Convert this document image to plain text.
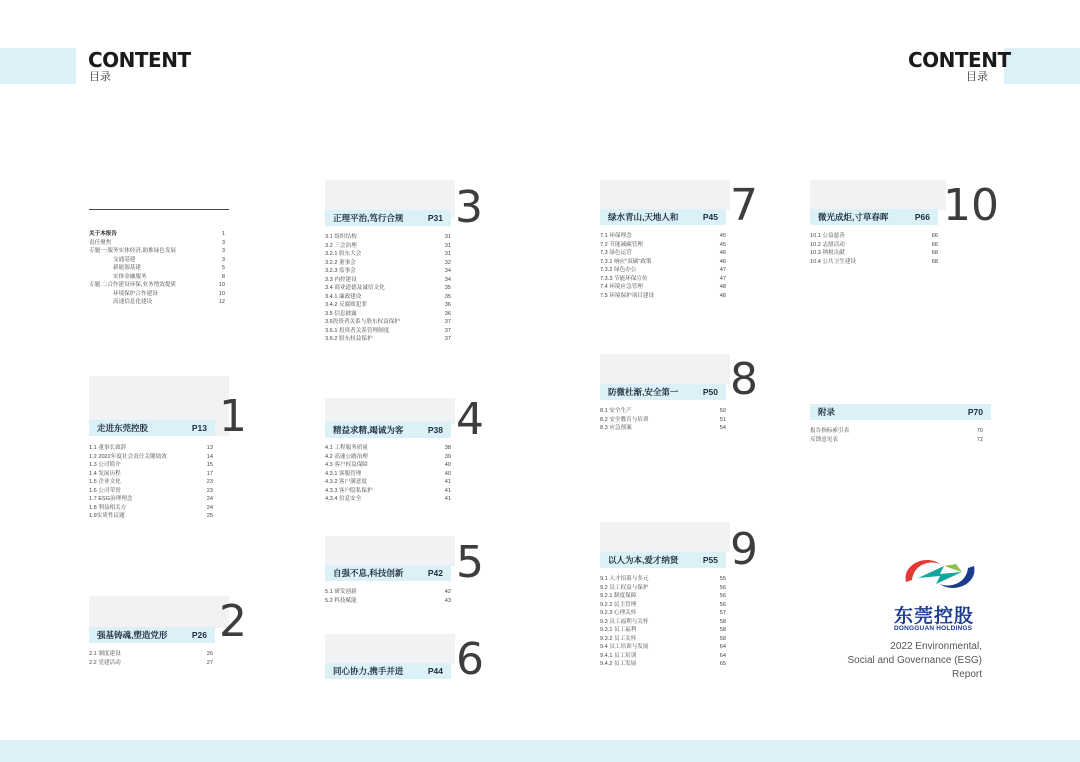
CONTENT
目录
CONTENT
目录
关于本报告	1
责任聚焦	3
专题一:服务实体经济,助推绿色发展	3
交通基建	3
新能源基建	5
实体金融服务	8
专题二:合作建设环保,业务增效提质	10
环境保护合作建设	10
高速信息化建设	12
走进东莞控股	P13 1
1.1 董事长致辞	13
1.2 2022年度社会责任关键绩效	14
1.3 公司简介	15
1.4 发展历程	17
1.5 企业文化	23
1.6 公司荣誉	23
1.7 ESG治理理念	24
1.8 利益相关方	24
1.9实质性议题	25
强基铸魂,塑造党形	P26 2
2.1 制度建设	26
2.2 党建活动	27
正理平治,笃行合规	P31 3
3.1 组织结构	31
3.2 三会治理	31
3.2.1 股东大会	31
3.2.2 董事会	32
3.2.3 监事会	34
3.3 内控建设	34
3.4 商业道德及诚信文化	35
3.4.1 廉政建设	35
3.4.2 反腐败犯罪	36
3.5 信息披露	36
3.6投资者关系与股东权益保护	37
3.6.1 投资者关系管理制度	37
3.6.2 股东权益保护	37
精益求精,竭诚为客	P38 4
4.1 工程服务质量	38
4.2 高速公路治理	39
4.3 客户权益保障	40
4.3.1 客服管理	40
4.3.2 客户满意度	41
4.3.3 客户隐私保护	41
4.3.4 信息安全	41
自强不息,科技创新	P42 5
5.1 研发创新	42
5.2 科技赋能	43
同心协力,携手并进	P44 6
绿水青山,天地人和	P45 7
7.1 环保理念	45
7.2 节能减碳管理	45
7.3 绿色运营	46
7.3.1 响应"双碳"政策	46
7.3.2 绿色办公	47
7.3.3 节能环保宣传	47
7.4 环境应急管理	48
7.5 环境保护项目建设	48
防微杜渐,安全第一	P50 8
8.1 安全生产	50
8.2 安全教育与培训	51
8.3 应急预案	54
以人为本,爱才纳贤	P55 9
9.1 人才招募与多元	55
9.2 员工权益与保护	56
9.2.1 制度保障	56
9.2.2 民主管理	56
9.2.3 心理关怀	57
9.3 员工福利与关怀	58
9.3.1 员工福利	58
9.3.2 员工关怀	58
9.4 员工培训与发展	64
9.4.1 员工培训	64
9.4.2 员工发展	65
微光成炬,寸草春晖	P66 10
10.1 公益慈善	66
10.2 志愿活动	66
10.3 纳税贡献	68
10.4 公共卫生建设	68
附录	P70
报告指标索引表	70
反馈意见表	72
东莞控股
DONGGUAN HOLDINGS
2022 Environmental,
Social and Governance (ESG)
Report
